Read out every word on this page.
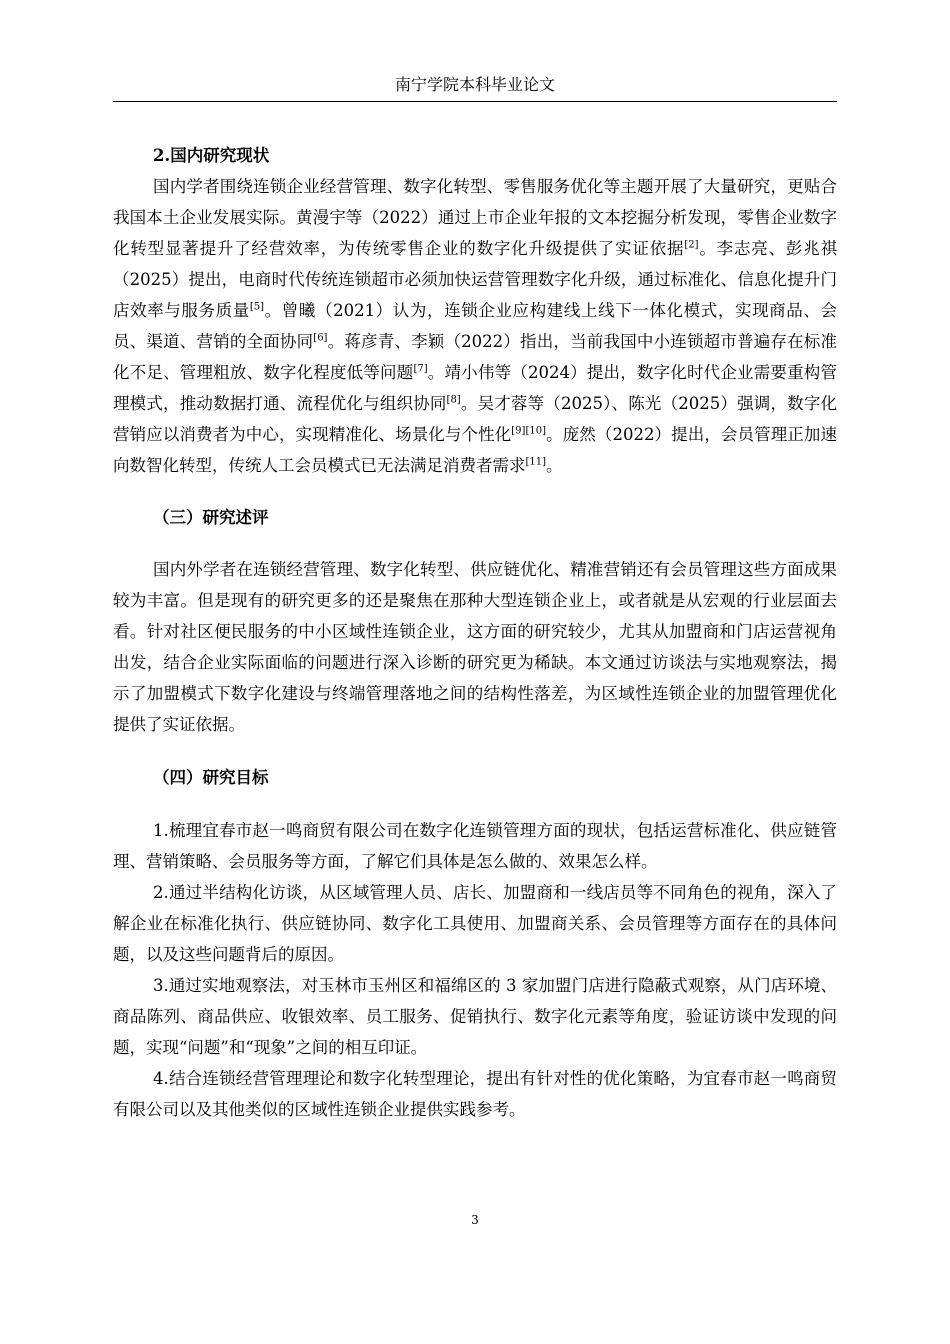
南宁学院本科毕业论文

2.国内研究现状

国内学者围绕连锁企业经营管理、数字化转型、零售服务优化等主题开展了大量研究，更贴合我国本土企业发展实际。黄漫宇等（2022）通过上市企业年报的文本挖掘分析发现，零售企业数字化转型显著提升了经营效率，为传统零售企业的数字化升级提供了实证依据[2]。李志亮、彭兆祺（2025）提出，电商时代传统连锁超市必须加快运营管理数字化升级，通过标准化、信息化提升门店效率与服务质量[5]。曾曦（2021）认为，连锁企业应构建线上线下一体化模式，实现商品、会员、渠道、营销的全面协同[6]。蒋彦青、李颖（2022）指出，当前我国中小连锁超市普遍存在标准化不足、管理粗放、数字化程度低等问题[7]。靖小伟等（2024）提出，数字化时代企业需要重构管理模式，推动数据打通、流程优化与组织协同[8]。吴才蓉等（2025）、陈光（2025）强调，数字化营销应以消费者为中心，实现精准化、场景化与个性化[9][10]。庞然（2022）提出，会员管理正加速向数智化转型，传统人工会员模式已无法满足消费者需求[11]。

（三）研究述评

国内外学者在连锁经营管理、数字化转型、供应链优化、精准营销还有会员管理这些方面成果较为丰富。但是现有的研究更多的还是聚焦在那种大型连锁企业上，或者就是从宏观的行业层面去看。针对社区便民服务的中小区域性连锁企业，这方面的研究较少，尤其从加盟商和门店运营视角出发，结合企业实际面临的问题进行深入诊断的研究更为稀缺。本文通过访谈法与实地观察法，揭示了加盟模式下数字化建设与终端管理落地之间的结构性落差，为区域性连锁企业的加盟管理优化提供了实证依据。

（四）研究目标

1.梳理宜春市赵一鸣商贸有限公司在数字化连锁管理方面的现状，包括运营标准化、供应链管理、营销策略、会员服务等方面，了解它们具体是怎么做的、效果怎么样。

2.通过半结构化访谈，从区域管理人员、店长、加盟商和一线店员等不同角色的视角，深入了解企业在标准化执行、供应链协同、数字化工具使用、加盟商关系、会员管理等方面存在的具体问题，以及这些问题背后的原因。

3.通过实地观察法，对玉林市玉州区和福绵区的 3 家加盟门店进行隐蔽式观察，从门店环境、商品陈列、商品供应、收银效率、员工服务、促销执行、数字化元素等角度，验证访谈中发现的问题，实现“问题”和“现象”之间的相互印证。

4.结合连锁经营管理理论和数字化转型理论，提出有针对性的优化策略，为宜春市赵一鸣商贸有限公司以及其他类似的区域性连锁企业提供实践参考。

3
